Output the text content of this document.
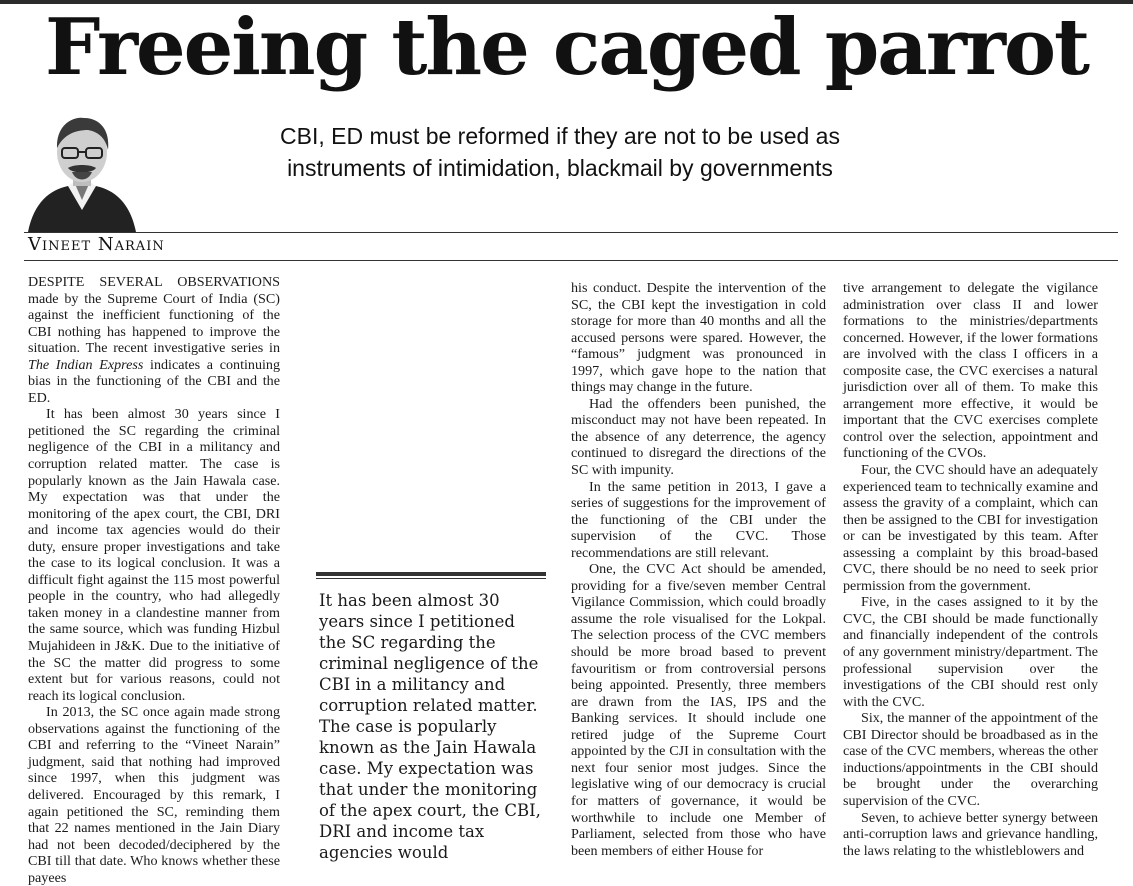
Freeing the caged parrot
CBI, ED must be reformed if they are not to be used as instruments of intimidation, blackmail by governments
Vineet Narain

DESPITE SEVERAL OBSERVATIONS made by the Supreme Court of India (SC) against the inefficient functioning of the CBI nothing has happened to improve the situation. The recent investigative series in The Indian Express indicates a continuing bias in the functioning of the CBI and the ED.

It has been almost 30 years since I petitioned the SC regarding the criminal negligence of the CBI in a militancy and corruption related matter. The case is popularly known as the Jain Hawala case. My expectation was that under the monitoring of the apex court, the CBI, DRI and income tax agencies would do their duty, ensure proper investigations and take the case to its logical conclusion. It was a difficult fight against the 115 most powerful people in the country, who had allegedly taken money in a clandestine manner from the same source, which was funding Hizbul Mujahideen in J&K. Due to the initiative of the SC the matter did progress to some extent but for various reasons, could not reach its logical conclusion.

In 2013, the SC once again made strong observations against the functioning of the CBI and referring to the “Vineet Narain” judgment, said that nothing had improved since 1997, when this judgment was delivered. Encouraged by this remark, I again petitioned the SC, reminding them that 22 names mentioned in the Jain Diary had not been decoded/deciphered by the CBI till that date. Who knows whether these payees

It has been almost 30 years since I petitioned the SC regarding the criminal negligence of the CBI in a militancy and corruption related matter. The case is popularly known as the Jain Hawala case. My expectation was that under the monitoring of the apex court, the CBI, DRI and income tax agencies would

his conduct. Despite the intervention of the SC, the CBI kept the investigation in cold storage for more than 40 months and all the accused persons were spared. However, the “famous” judgment was pronounced in 1997, which gave hope to the nation that things may change in the future.

Had the offenders been punished, the misconduct may not have been repeated. In the absence of any deterrence, the agency continued to disregard the directions of the SC with impunity.

In the same petition in 2013, I gave a series of suggestions for the improvement of the functioning of the CBI under the supervision of the CVC. Those recommendations are still relevant.

One, the CVC Act should be amended, providing for a five/seven member Central Vigilance Commission, which could broadly assume the role visualised for the Lokpal. The selection process of the CVC members should be more broad based to prevent favouritism or from controversial persons being appointed. Presently, three members are drawn from the IAS, IPS and the Banking services. It should include one retired judge of the Supreme Court appointed by the CJI in consultation with the next four senior most judges. Since the legislative wing of our democracy is crucial for matters of governance, it would be worthwhile to include one Member of Parliament, selected from those who have been members of either House for

tive arrangement to delegate the vigilance administration over class II and lower formations to the ministries/departments concerned. However, if the lower formations are involved with the class I officers in a composite case, the CVC exercises a natural jurisdiction over all of them. To make this arrangement more effective, it would be important that the CVC exercises complete control over the selection, appointment and functioning of the CVOs.

Four, the CVC should have an adequately experienced team to technically examine and assess the gravity of a complaint, which can then be assigned to the CBI for investigation or can be investigated by this team. After assessing a complaint by this broad-based CVC, there should be no need to seek prior permission from the government.

Five, in the cases assigned to it by the CVC, the CBI should be made functionally and financially independent of the controls of any government ministry/department. The professional supervision over the investigations of the CBI should rest only with the CVC.

Six, the manner of the appointment of the CBI Director should be broadbased as in the case of the CVC members, whereas the other inductions/appointments in the CBI should be brought under the overarching supervision of the CVC.

Seven, to achieve better synergy between anti-corruption laws and grievance handling, the laws relating to the whistleblowers and
